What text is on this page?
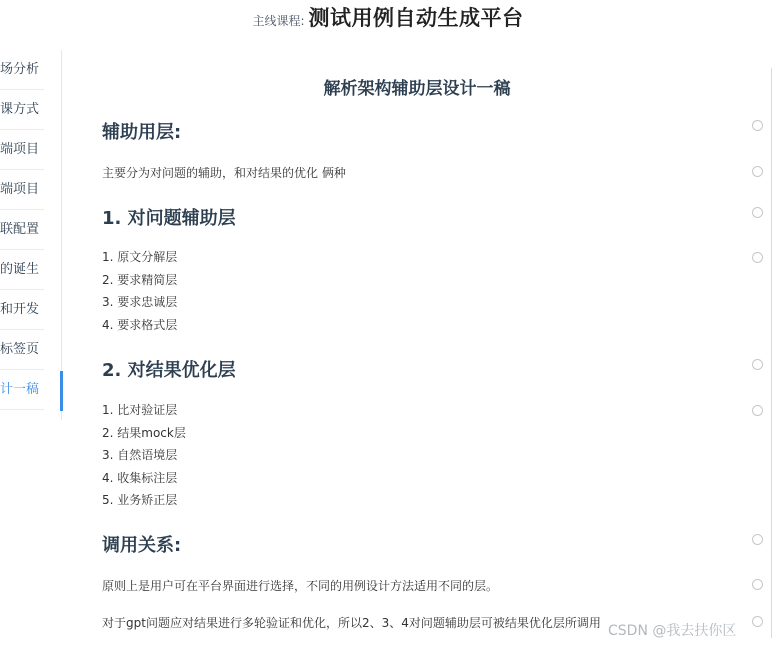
主线课程: 测试用例自动生成平台
场分析
课方式
端项目
端项目
联配置
的诞生
和开发
标签页
计一稿
解析架构辅助层设计一稿
辅助用层:
主要分为对问题的辅助，和对结果的优化 俩种
1. 对问题辅助层
1. 原文分解层
2. 要求精简层
3. 要求忠诚层
4. 要求格式层
2. 对结果优化层
1. 比对验证层
2. 结果mock层
3. 自然语境层
4. 收集标注层
5. 业务矫正层
调用关系:
原则上是用户可在平台界面进行选择，不同的用例设计方法适用不同的层。
对于gpt问题应对结果进行多轮验证和优化，所以2、3、4对问题辅助层可被结果优化层所调用 CSDN @我去扶你区
